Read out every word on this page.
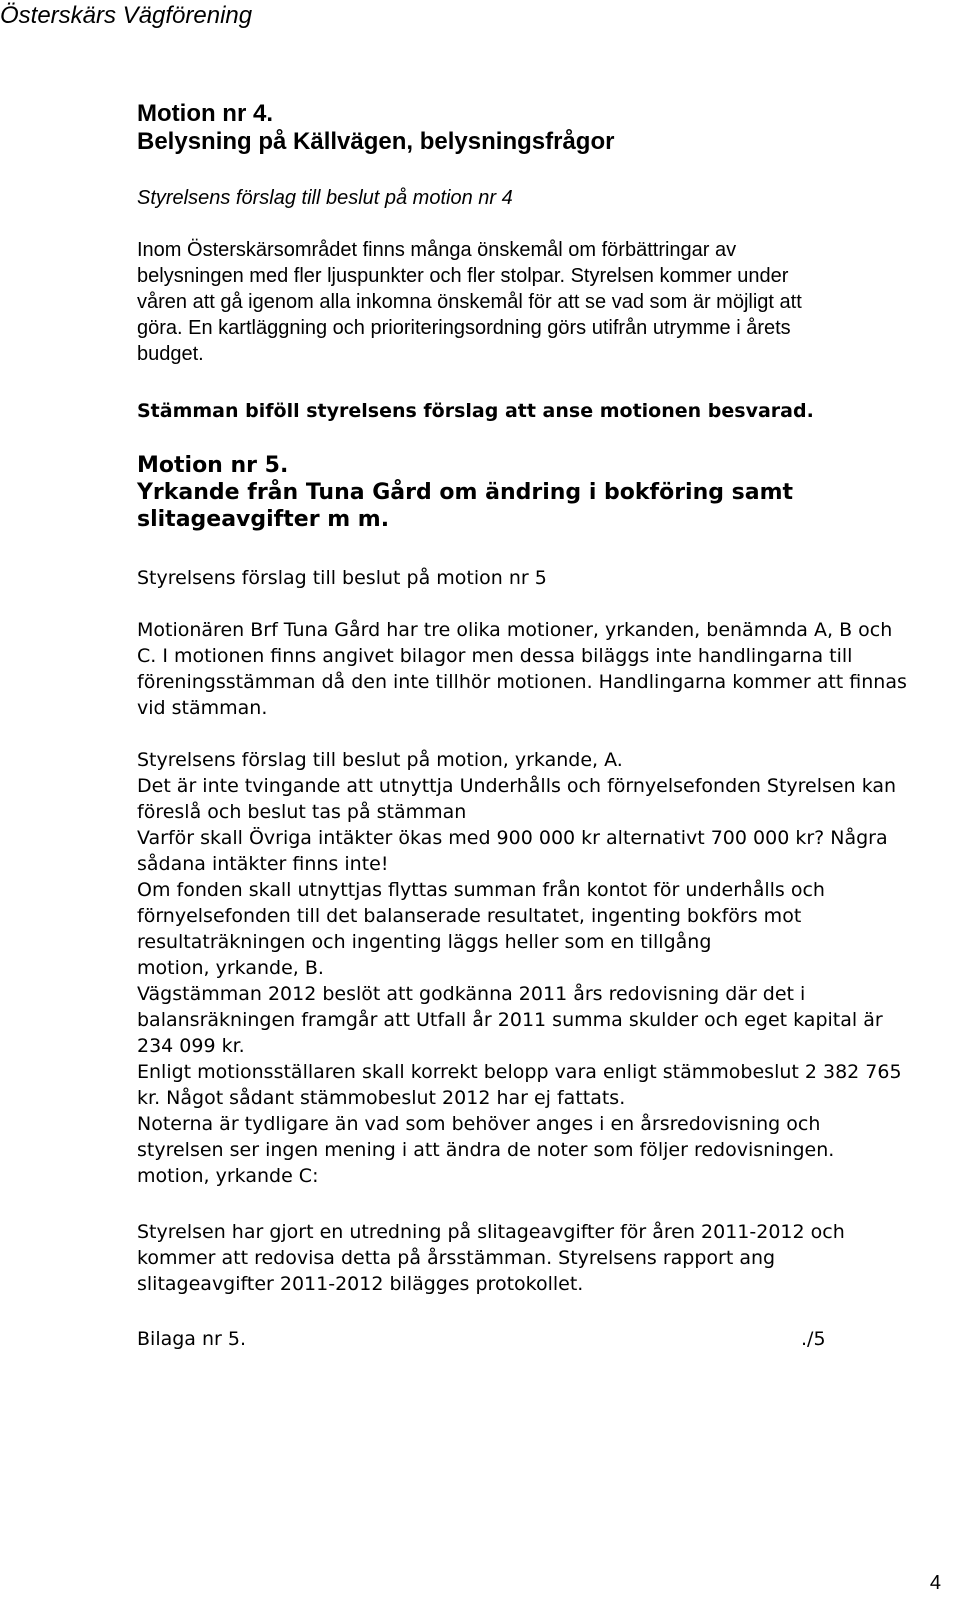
Österskärs Vägförening
Motion nr 4.
Belysning på Källvägen, belysningsfrågor
Styrelsens förslag till beslut på motion nr 4
Inom Österskärsområdet finns många önskemål om förbättringar av
belysningen med fler ljuspunkter och fler stolpar. Styrelsen kommer under
våren att gå igenom alla inkomna önskemål för att se vad som är möjligt att
göra. En kartläggning och prioriteringsordning görs utifrån utrymme i årets
budget.
Stämman biföll styrelsens förslag att anse motionen besvarad.
Motion nr 5.
Yrkande från Tuna Gård om ändring i bokföring samt
slitageavgifter m m.
Styrelsens förslag till beslut på motion nr 5
Motionären Brf Tuna Gård har tre olika motioner, yrkanden, benämnda A, B och
C. I motionen finns angivet bilagor men dessa biläggs inte handlingarna till
föreningsstämman då den inte tillhör motionen. Handlingarna kommer att finnas
vid stämman.
Styrelsens förslag till beslut på motion, yrkande, A.
Det är inte tvingande att utnyttja Underhålls och förnyelsefonden Styrelsen kan
föreslå och beslut tas på stämman
Varför skall Övriga intäkter ökas med 900 000 kr alternativt 700 000 kr? Några
sådana intäkter finns inte!
Om fonden skall utnyttjas flyttas summan från kontot för underhålls och
förnyelsefonden till det balanserade resultatet, ingenting bokförs mot
resultaträkningen och ingenting läggs heller som en tillgång
motion, yrkande, B.
Vägstämman 2012 beslöt att godkänna 2011 års redovisning där det i
balansräkningen framgår att Utfall år 2011 summa skulder och eget kapital är
234 099 kr.
Enligt motionsställaren skall korrekt belopp vara enligt stämmobeslut 2 382 765
kr. Något sådant stämmobeslut 2012 har ej fattats.
Noterna är tydligare än vad som behöver anges i en årsredovisning och
styrelsen ser ingen mening i att ändra de noter som följer redovisningen.
motion, yrkande C:
Styrelsen har gjort en utredning på slitageavgifter för åren 2011-2012 och
kommer att redovisa detta på årsstämman. Styrelsens rapport ang
slitageavgifter 2011-2012 bilägges protokollet.
Bilaga nr 5.	./5
4
